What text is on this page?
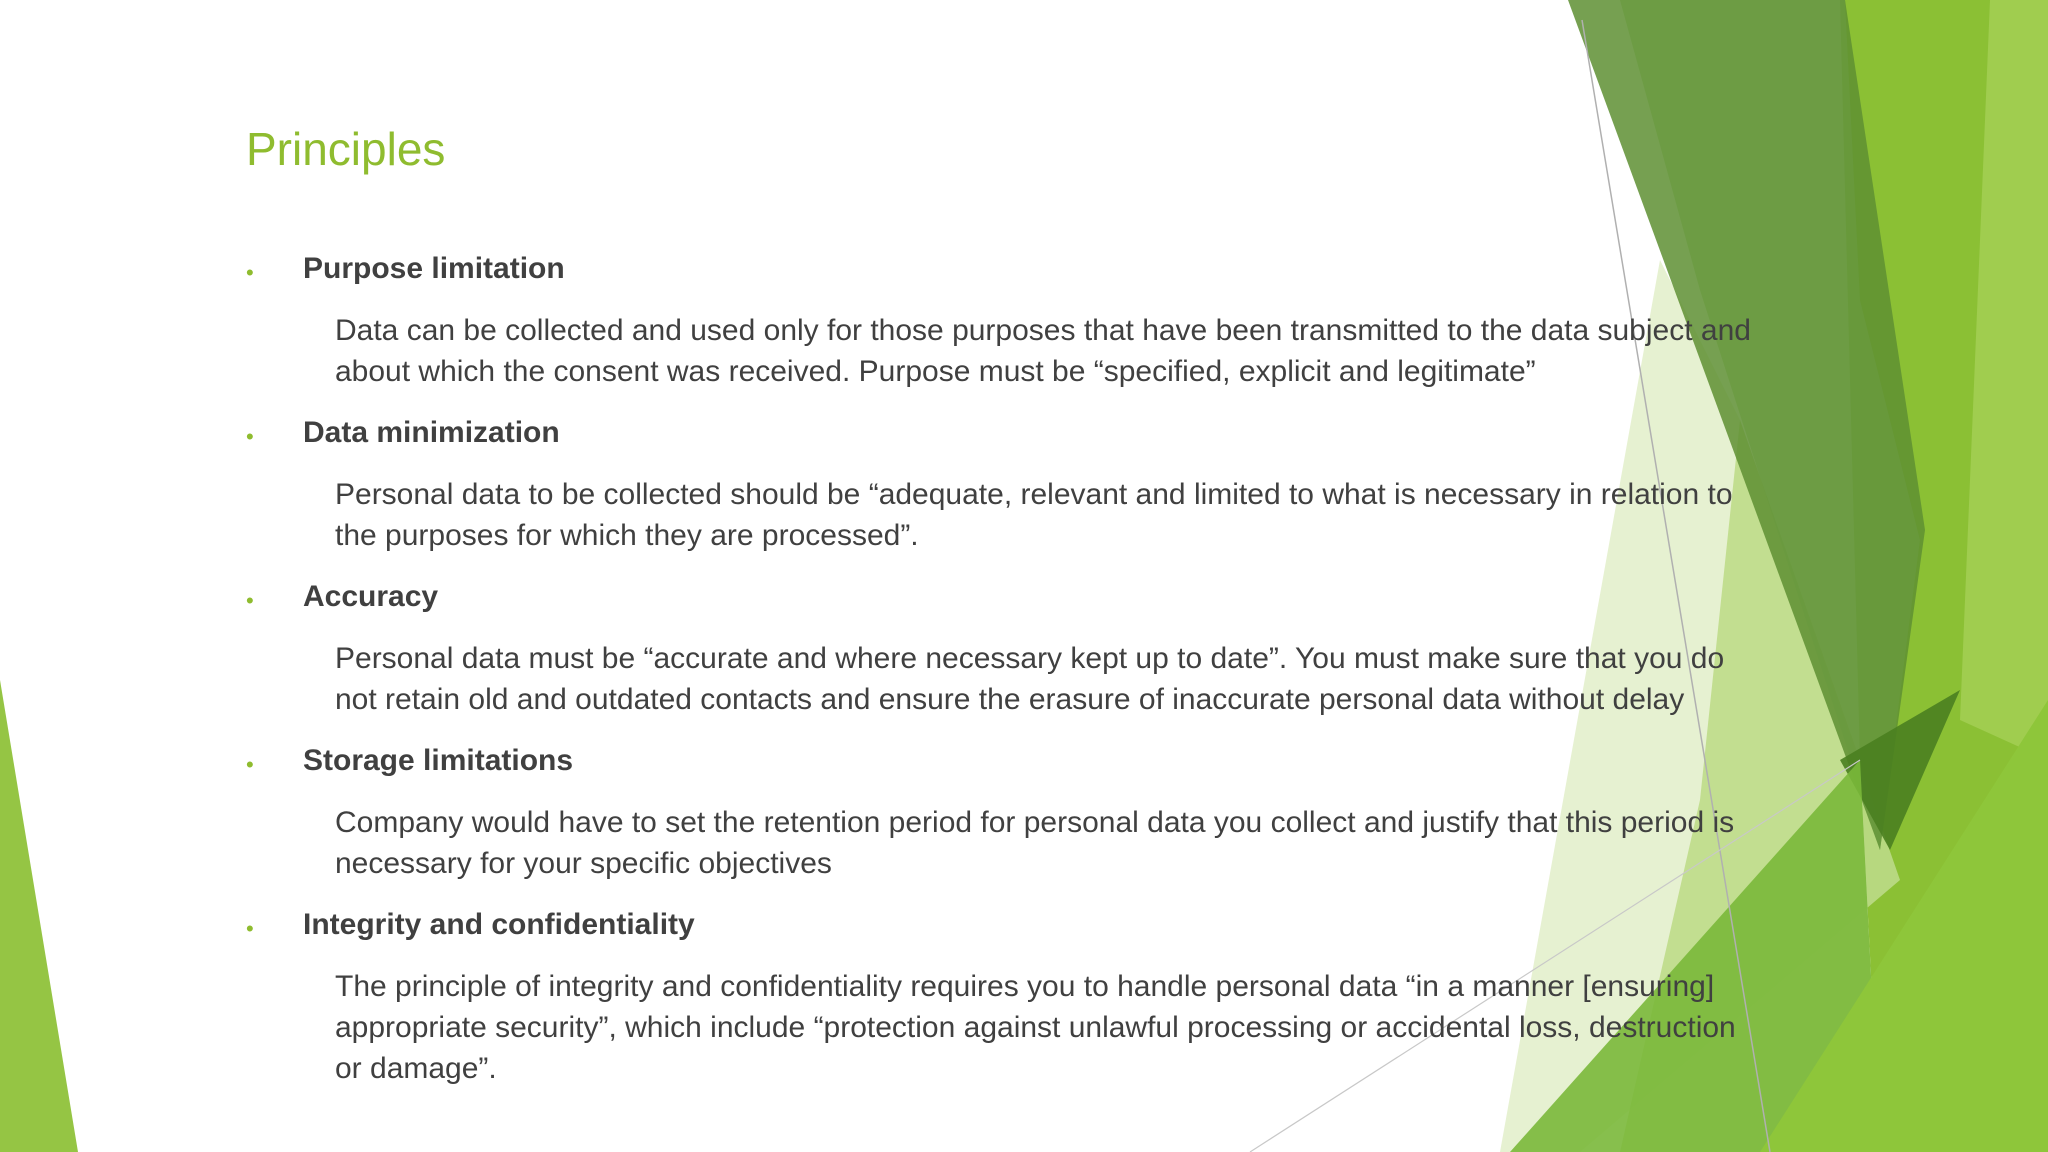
Principles
• Purpose limitation

Data can be collected and used only for those purposes that have been transmitted to the data subject and
about which the consent was received. Purpose must be “specified, explicit and legitimate”

• Data minimization

Personal data to be collected should be “adequate, relevant and limited to what is necessary in relation to
the purposes for which they are processed”.

• Accuracy

Personal data must be “accurate and where necessary kept up to date”. You must make sure that you do
not retain old and outdated contacts and ensure the erasure of inaccurate personal data without delay

• Storage limitations

Company would have to set the retention period for personal data you collect and justify that this period is
necessary for your specific objectives

• Integrity and confidentiality

The principle of integrity and confidentiality requires you to handle personal data “in a manner [ensuring]
appropriate security”, which include “protection against unlawful processing or accidental loss, destruction
or damage”.
